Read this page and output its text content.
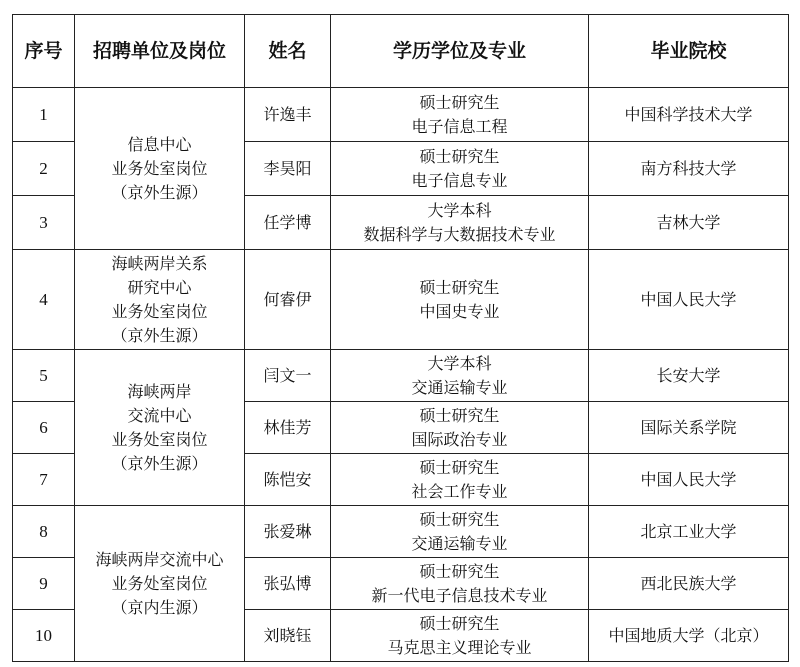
序号	招聘单位及岗位	姓名	学历学位及专业	毕业院校
1	信息中心
业务处室岗位
（京外生源）	许逸丰	硕士研究生
电子信息工程	中国科学技术大学
2		李昊阳	硕士研究生
电子信息专业	南方科技大学
3		任学博	大学本科
数据科学与大数据技术专业	吉林大学
4	海峡两岸关系
研究中心
业务处室岗位
（京外生源）	何睿伊	硕士研究生
中国史专业	中国人民大学
5	海峡两岸
交流中心
业务处室岗位
（京外生源）	闫文一	大学本科
交通运输专业	长安大学
6		林佳芳	硕士研究生
国际政治专业	国际关系学院
7		陈恺安	硕士研究生
社会工作专业	中国人民大学
8	海峡两岸交流中心
业务处室岗位
（京内生源）	张爱琳	硕士研究生
交通运输专业	北京工业大学
9		张弘博	硕士研究生
新一代电子信息技术专业	西北民族大学
10		刘晓钰	硕士研究生
马克思主义理论专业	中国地质大学（北京）
